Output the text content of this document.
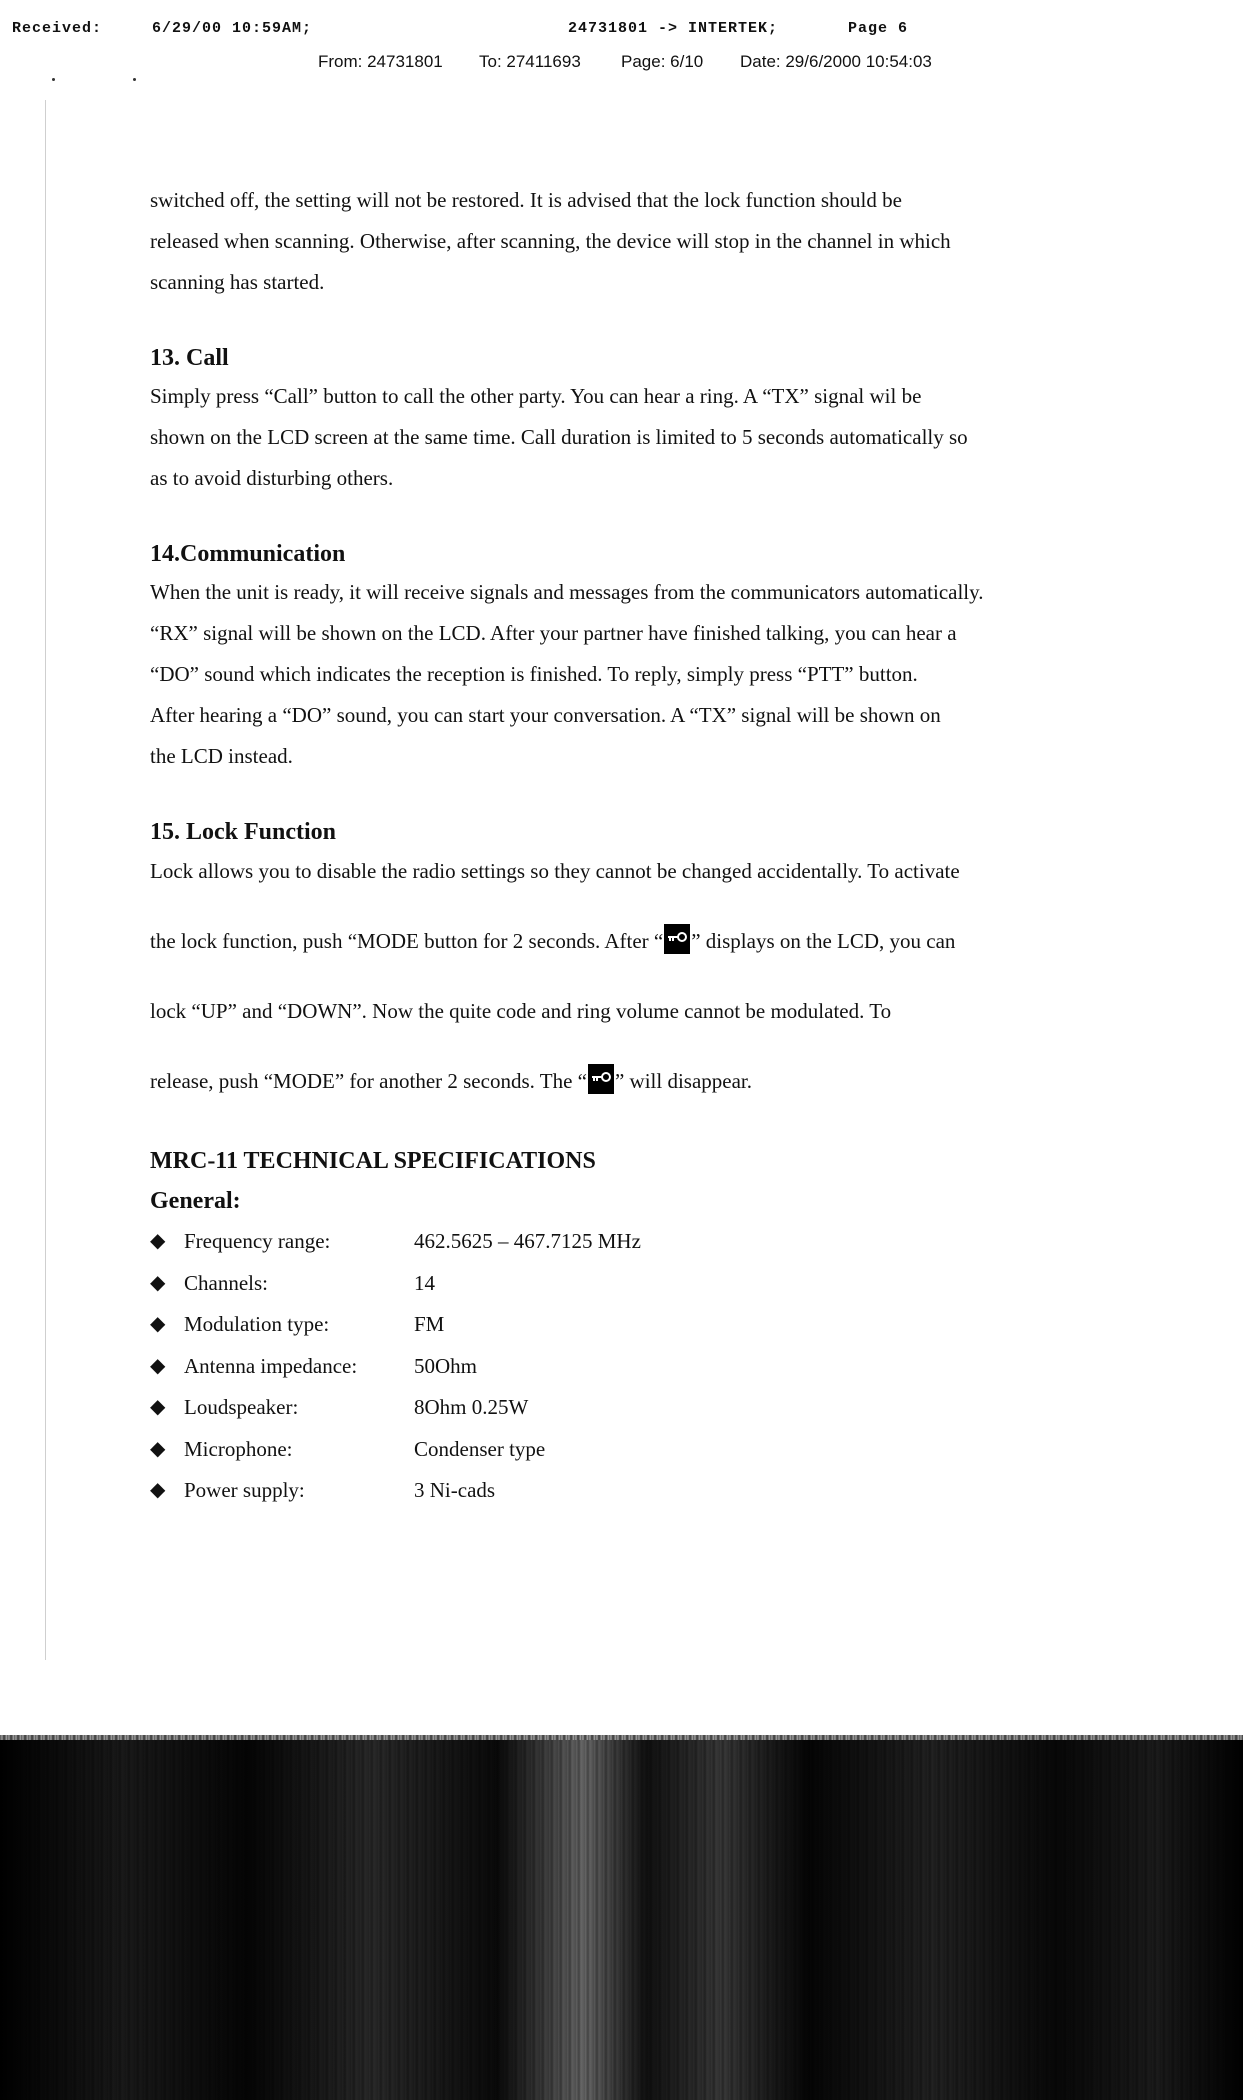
Received:

	6/29/00 10:59AM;

	24731801 -> INTERTEK;

	Page 6

From: 24731801 To: 27411693 Page: 6/10 Date: 29/6/2000 10:54:03

switched off, the setting will not be restored. It is advised that the lock function should be

released when scanning. Otherwise, after scanning, the device will stop in the channel in which

scanning has started.

13. Call

Simply press “Call” button to call the other party. You can hear a ring. A “TX” signal wil be

shown on the LCD screen at the same time. Call duration is limited to 5 seconds automatically so

as to avoid disturbing others.

14.Communication

When the unit is ready, it will receive signals and messages from the communicators automatically.

“RX” signal will be shown on the LCD. After your partner have finished talking, you can hear a

“DO” sound which indicates the reception is finished. To reply, simply press “PTT” button.

After hearing a “DO” sound, you can start your conversation. A “TX” signal will be shown on

the LCD instead.

15. Lock Function

Lock allows you to disable the radio settings so they cannot be changed accidentally. To activate

the lock function, push “MODE button for 2 seconds. After “ ” displays on the LCD, you can

lock “UP” and “DOWN”. Now the quite code and ring volume cannot be modulated. To

release, push “MODE” for another 2 seconds. The “ ” will disappear.

MRC-11 TECHNICAL SPECIFICATIONS
General:
◆ Frequency range:	462.5625 – 467.7125 MHz
◆ Channels:	14
◆ Modulation type:	FM
◆ Antenna impedance:	50Ohm
◆ Loudspeaker:	8Ohm 0.25W
◆ Microphone:	Condenser type
◆ Power supply:	3 Ni-cads
